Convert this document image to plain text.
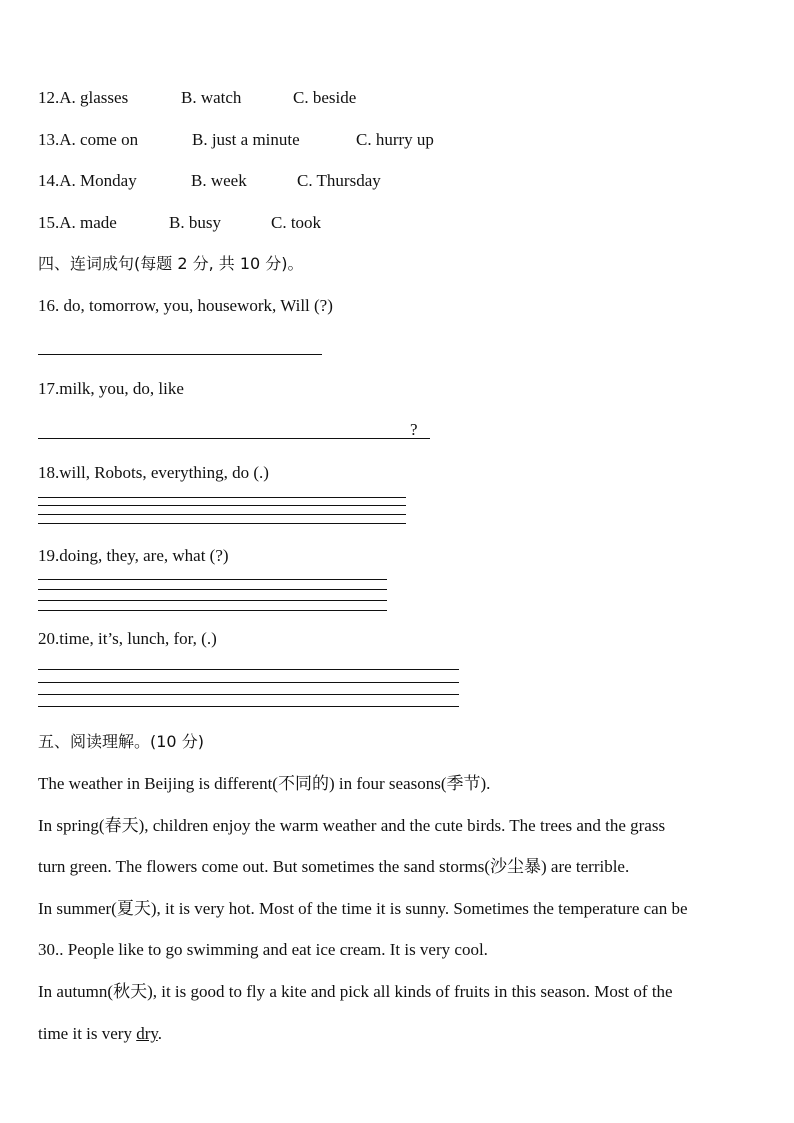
12.A. glasses	B. watch	C. beside
13.A. come on	B. just a minute	C. hurry up
14.A. Monday	B. week	C. Thursday
15.A. made	B. busy	C. took
四、连词成句(每题 2 分, 共 10 分)。
16. do, tomorrow, you, housework, Will (?)
17.milk, you, do, like
?
18.will, Robots, everything, do (.)
19.doing, they, are, what (?)
20.time, it’s, lunch, for, (.)
五、阅读理解。(10 分)
The weather in Beijing is different(不同的) in four seasons(季节).
In spring(春天), children enjoy the warm weather and the cute birds. The trees and the grass
turn green. The flowers come out. But sometimes the sand storms(沙尘暴) are terrible.
In summer(夏天), it is very hot. Most of the time it is sunny. Sometimes the temperature can be
30.. People like to go swimming and eat ice cream. It is very cool.
In autumn(秋天), it is good to fly a kite and pick all kinds of fruits in this season. Most of the
time it is very dry.
